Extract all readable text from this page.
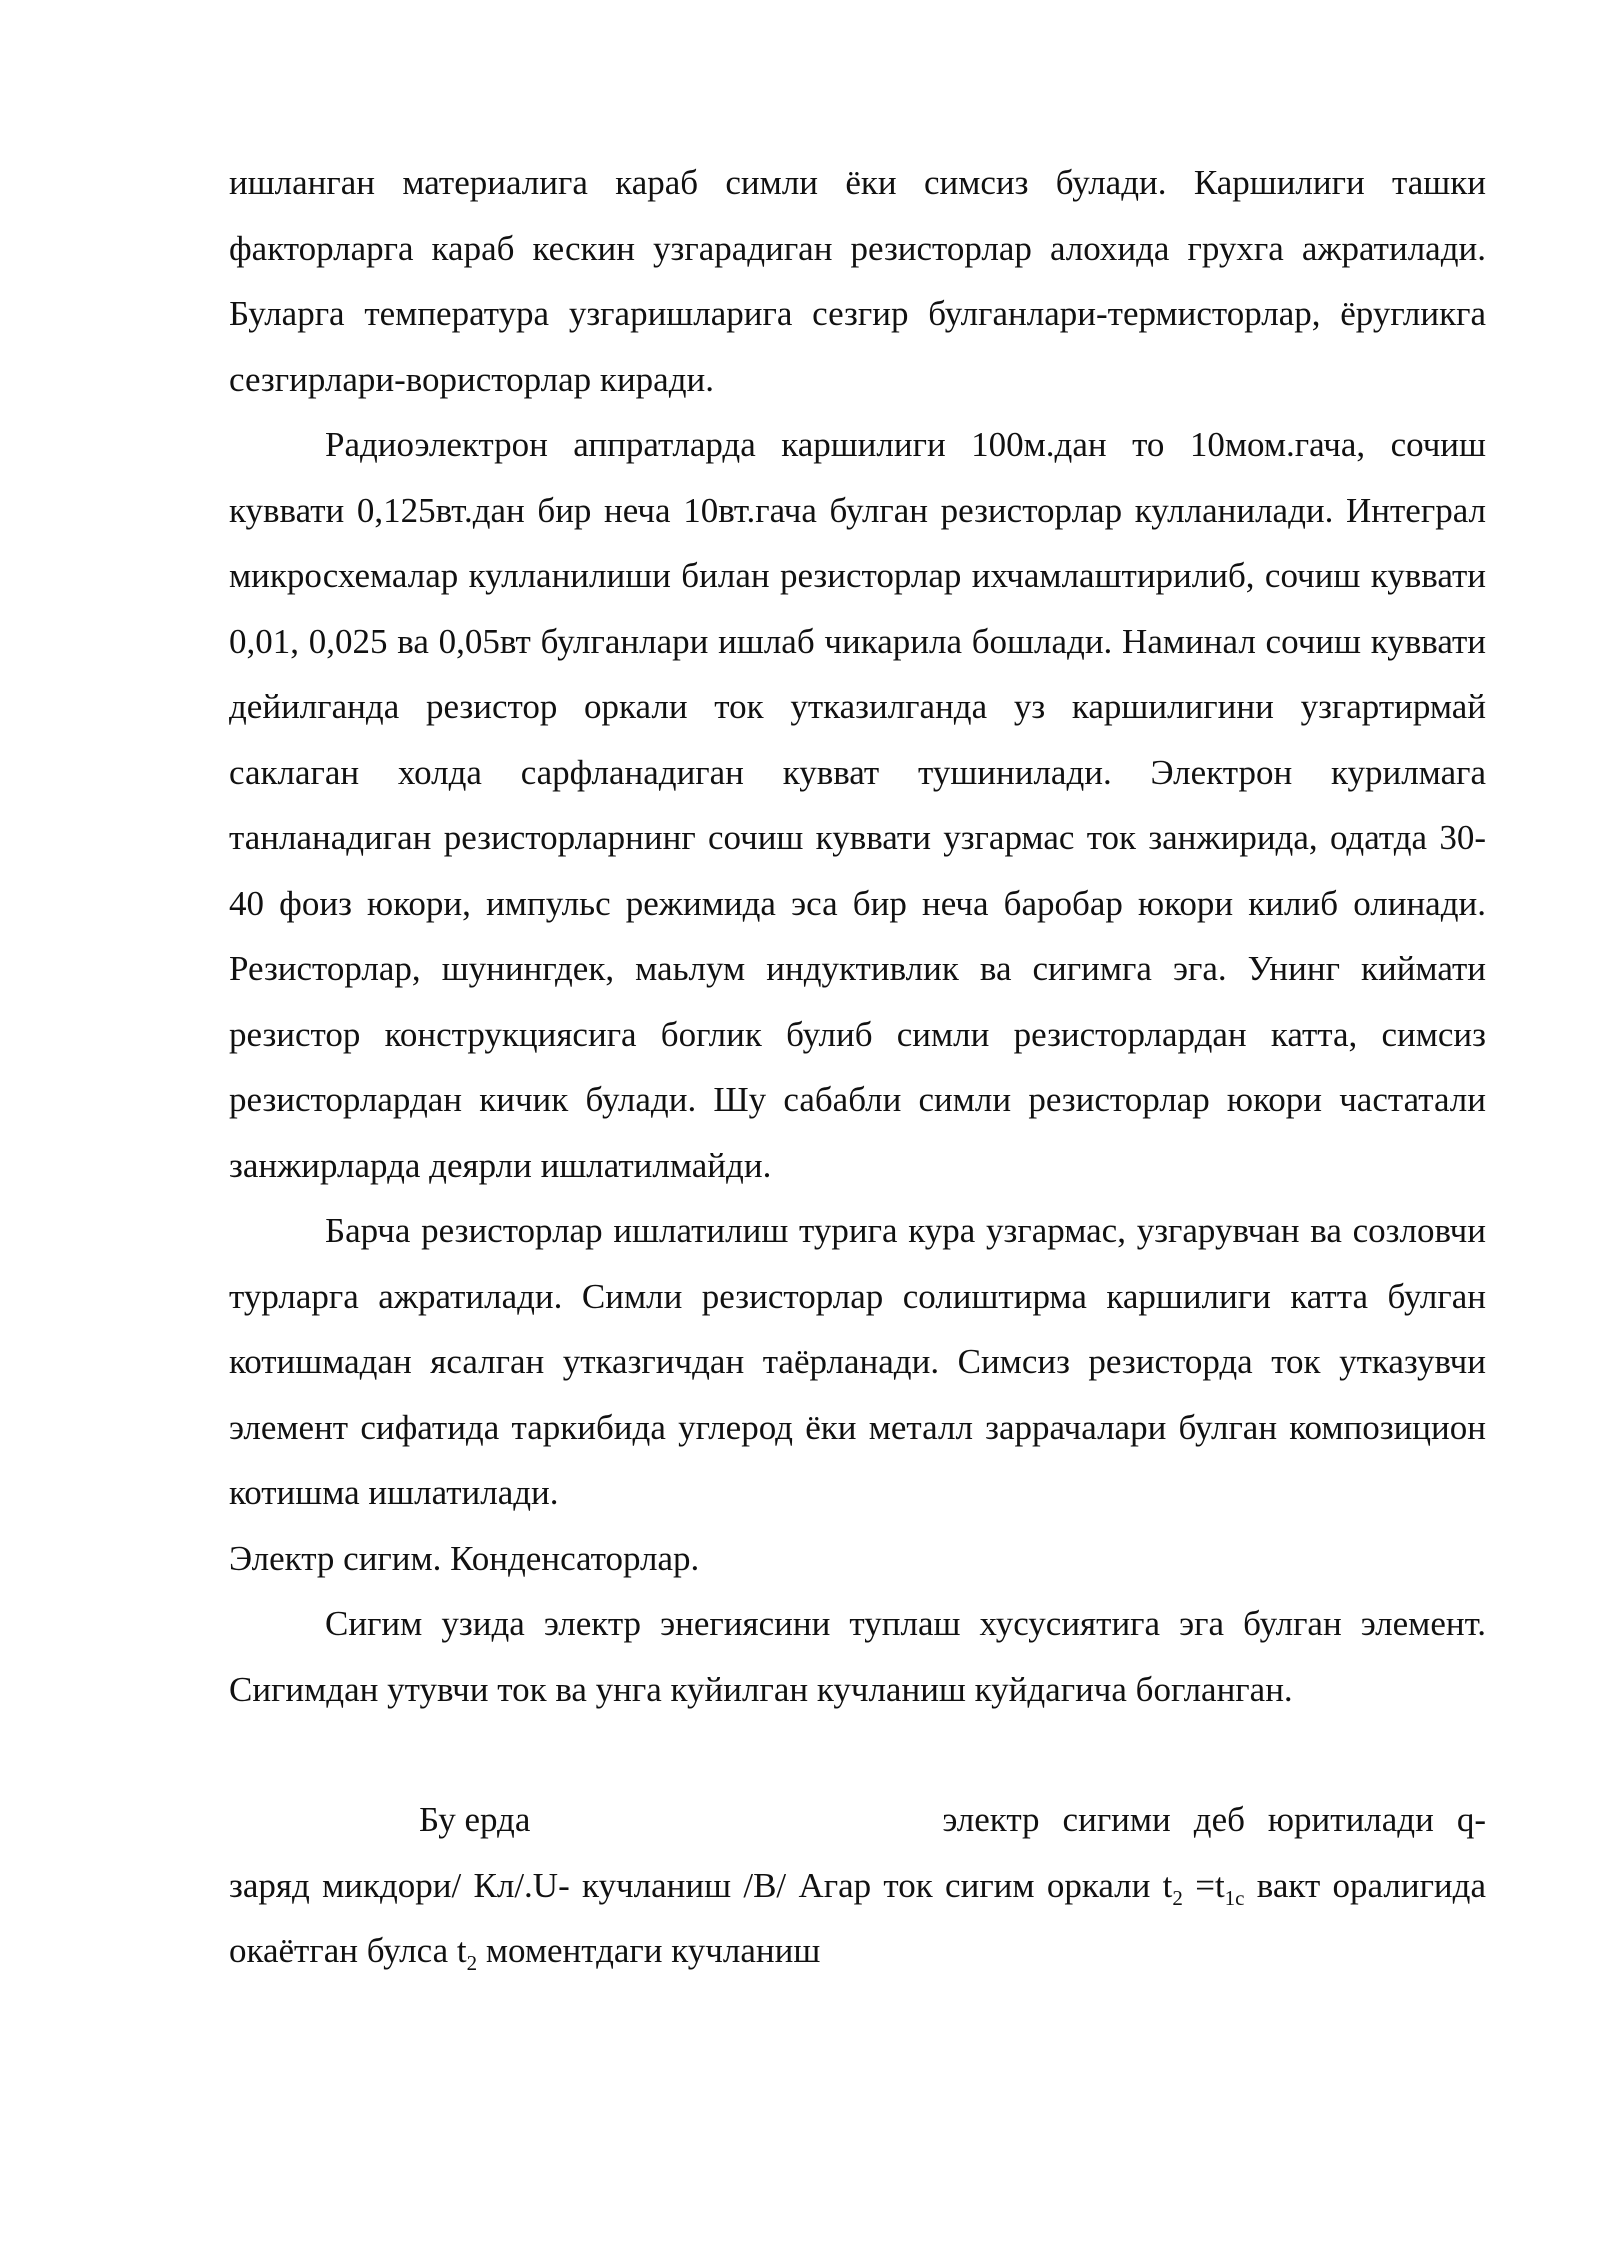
ишланган материалига караб симли ёки симсиз булади. Каршилиги ташки факторларга караб кескин узгарадиган резисторлар алохида грухга ажратилади. Буларга температура узгаришларига сезгир булганлари-термисторлар, ёругликга сезгирлари-вористорлар киради.

Радиоэлектрон аппратларда каршилиги 100м.дан то 10мом.гача, сочиш куввати 0,125вт.дан бир неча 10вт.гача булган резисторлар кулланилади. Интеграл микросхемалар кулланилиши билан резисторлар ихчамлаштирилиб, сочиш куввати 0,01, 0,025 ва 0,05вт булганлари ишлаб чикарила бошлади. Наминал сочиш куввати дейилганда резистор оркали ток утказилганда уз каршилигини узгартирмай саклаган холда сарфланадиган кувват тушинилади. Электрон курилмага танланадиган резисторларнинг сочиш куввати узгармас ток занжирида, одатда 30-40 фоиз юкори, импульс режимида эса бир неча баробар юкори килиб олинади. Резисторлар, шунингдек, маьлум индуктивлик ва сигимга эга. Унинг киймати резистор конструкциясига боглик булиб симли резисторлардан катта, симсиз резисторлардан кичик булади. Шу сабабли симли резисторлар юкори частатали занжирларда деярли ишлатилмайди.

Барча резисторлар ишлатилиш турига кура узгармас, узгарувчан ва созловчи турларга ажратилади. Симли резисторлар солиштирма каршилиги катта булган котишмадан ясалган утказгичдан таёрланади. Симсиз резисторда ток утказувчи элемент сифатида таркибида углерод ёки металл заррачалари булган композицион котишма ишлатилади.

Электр сигим. Конденсаторлар.

Сигим узида электр энегиясини туплаш хусусиятига эга булган элемент. Сигимдан утувчи ток ва унга куйилган кучланиш куйдагича богланган.

Бу ерда	электр сигими деб юритилади q-заряд микдори/ Кл/.U- кучланиш /В/ Агар ток сигим оркали $t_2 =t_{1с}$ вакт оралигида окаётган булса $t_2$ моментдаги кучланиш
